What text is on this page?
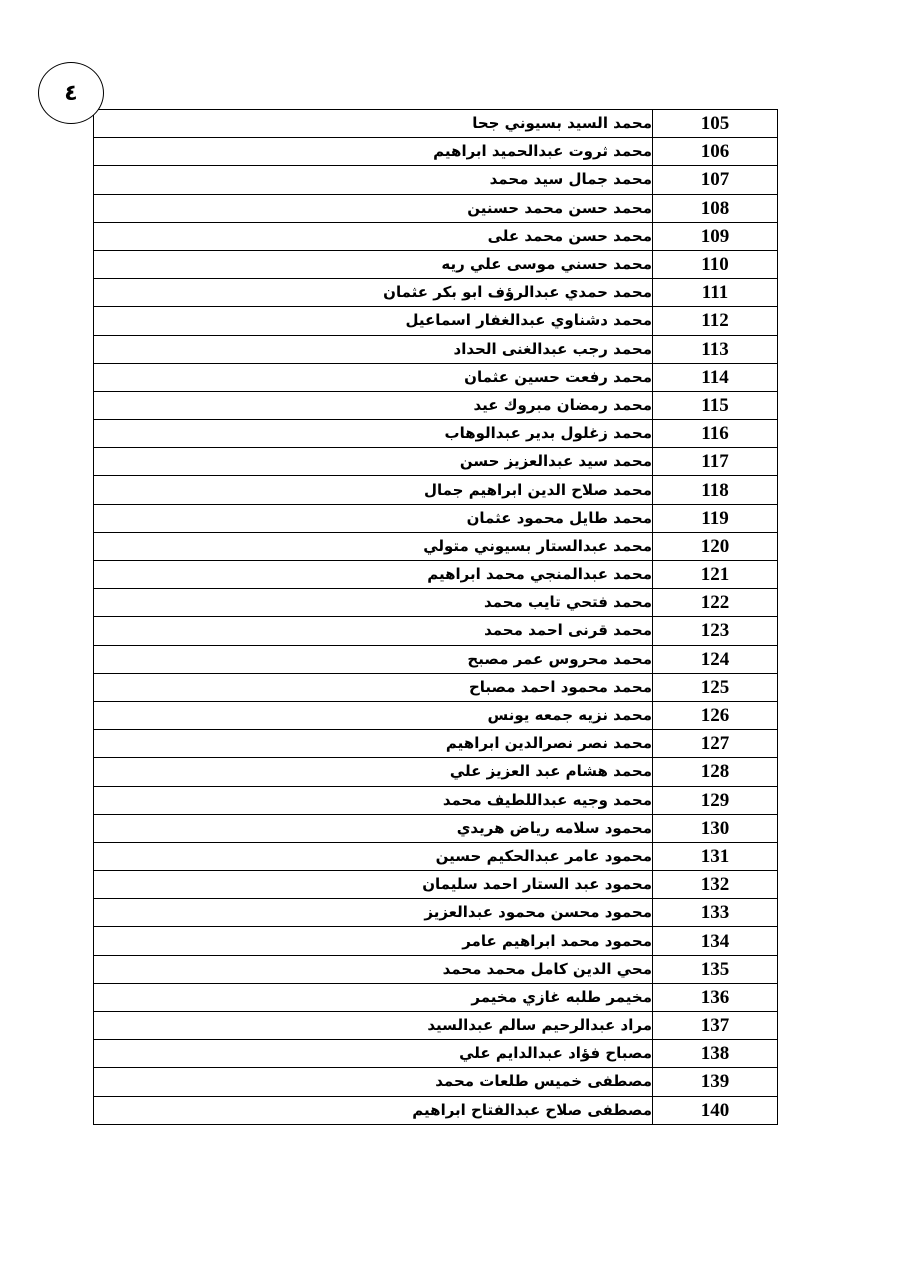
٤
محمد السيد بسيوني جحا	105
محمد ثروت عبدالحميد ابراهيم	106
محمد جمال سيد محمد	107
محمد حسن محمد حسنين	108
محمد حسن محمد على	109
محمد حسني موسى علي ريه	110
محمد حمدي عبدالرؤف ابو بكر عثمان	111
محمد دشناوي عبدالغفار اسماعيل	112
محمد رجب عبدالغنى الحداد	113
محمد رفعت حسين عثمان	114
محمد رمضان مبروك عيد	115
محمد زغلول بدير عبدالوهاب	116
محمد سيد عبدالعزيز حسن	117
محمد صلاح الدين ابراهيم جمال	118
محمد طايل محمود عثمان	119
محمد عبدالستار بسيوني متولي	120
محمد عبدالمنجي محمد ابراهيم	121
محمد فتحي تايب محمد	122
محمد قرنى احمد محمد	123
محمد محروس عمر مصبح	124
محمد محمود احمد مصباح	125
محمد نزيه جمعه يونس	126
محمد نصر نصرالدين ابراهيم	127
محمد هشام عبد العزيز علي	128
محمد وجيه عبداللطيف محمد	129
محمود سلامه رياض هريدي	130
محمود عامر عبدالحكيم حسين	131
محمود عبد الستار احمد سليمان	132
محمود محسن محمود عبدالعزيز	133
محمود محمد ابراهيم عامر	134
محي الدين كامل محمد محمد	135
مخيمر طلبه غازي مخيمر	136
مراد عبدالرحيم سالم عبدالسيد	137
مصباح فؤاد عبدالدايم علي	138
مصطفى خميس طلعات محمد	139
مصطفى صلاح عبدالفتاح ابراهيم	140
